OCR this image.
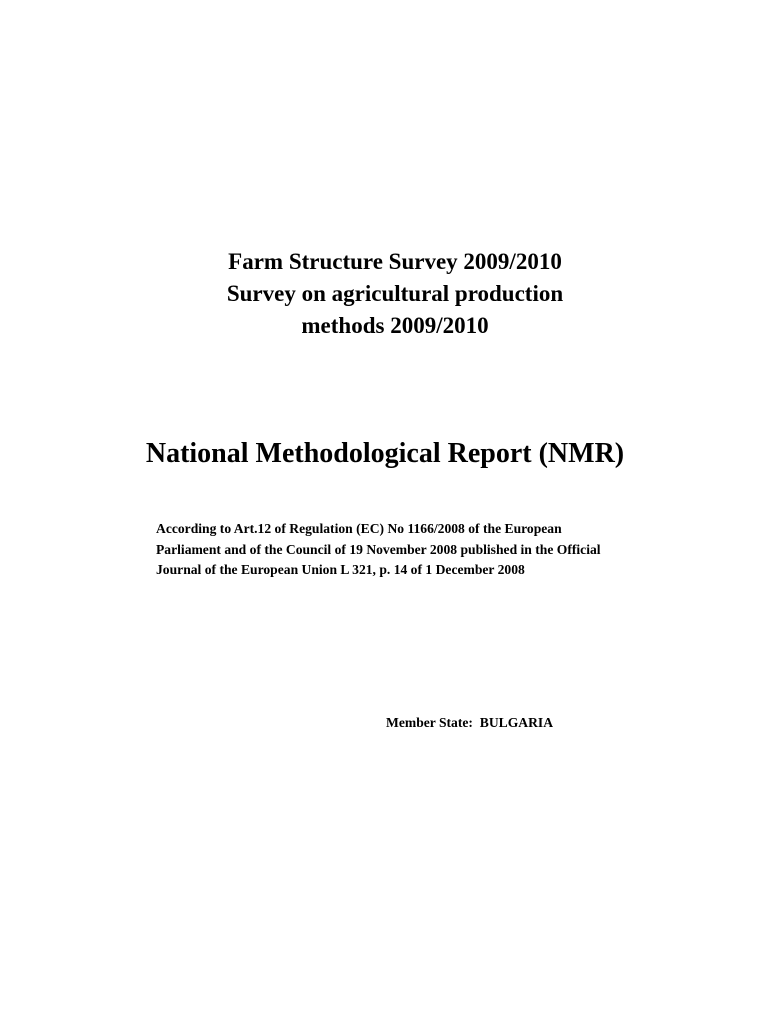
Farm Structure Survey 2009/2010
Survey on agricultural production
methods 2009/2010
National Methodological Report (NMR)
According to Art.12 of Regulation (EC) No 1166/2008 of the European
Parliament and of the Council of 19 November 2008 published in the Official
Journal of the European Union L 321, p. 14 of 1 December 2008
Member State: BULGARIA
